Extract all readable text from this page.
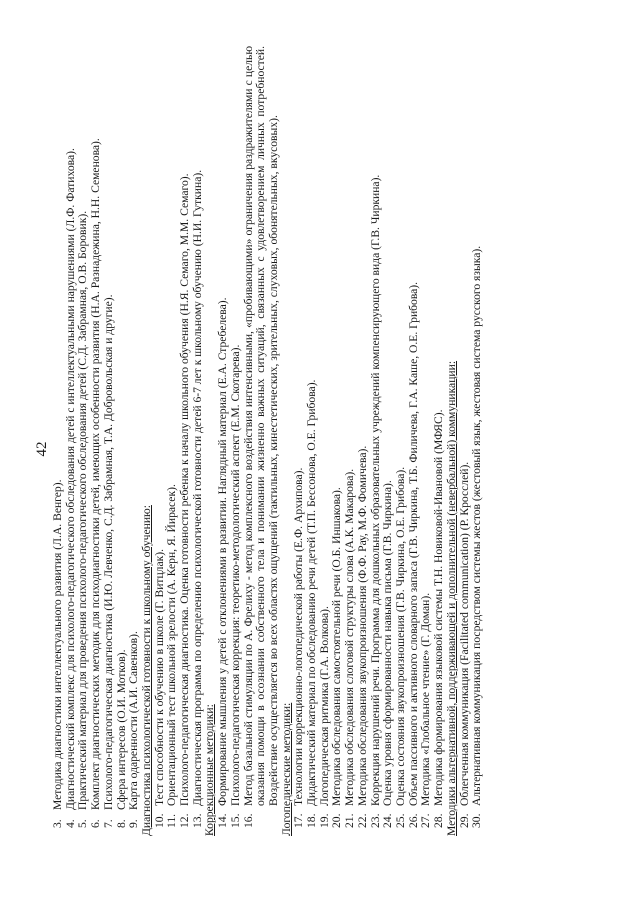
42
3.
Методика диагностики интеллектуального развития (Л.А. Венгер).
4.
Диагностический комплекс для психолого-педагогического обследования детей с интеллектуальными нарушениями (Л.Ф. Фатихова).
5.
Практический материал для проведения психолого-педагогического обследования детей (С.Д. Забрамная, О.В. Боровик).
6.
Комплект диагностических методик для психодиагностики детей, имеющих особенности развития (Н.А. Разнадежина, Н.Н. Семенова).
7.
Психолого-педагогическая диагностика (И.Ю. Левченко, С.Д. Забрамная, Т.А. Добровольская и другие).
8.
Сфера интересов (О.И. Мотков).
9.
Карта одаренности (А.И. Савенков). Диагностика психологической готовности к школьному обучению: 10.
Тест способности к обучению в школе (Г. Витцлак).
11.
Ориентационный тест школьной зрелости (А. Керн, Я. Йирасек).
12.
Психолого-педагогическая диагностика. Оценка готовности ребенка к началу школьного обучения (Н.Я. Семаго, М.М. Семаго).
13.
Диагностическая программа по определению психологической готовности детей 6-7 лет к школьному обучению (Н.И. Гуткина). Коррекционные методики: 14.
Формирование мышления у детей с отклонениями в развитии. Наглядный материал (Е.А. Стребелева).
15.
Психолого-педагогическая коррекция: теоретико-методологический аспект (Е.М. Скотарева).
16.
Метод базальной стимуляции по А. Фрелиху - метод комплексного воздействия интенсивными, «пробивающими» ограничения раздражителями с целью оказания помощи в осознании собственного тела и понимании жизненно важных ситуаций, связанных с удовлетворением личных потребностей. Воздействие осуществляется во всех областях ощущений (тактильных, кинестетических, зрительных, слуховых, обонятельных, вкусовых). Логопедические методики: 17.
Технологии коррекционно-логопедической работы (Е.Ф. Архипова).
18.
Дидактический материал по обследованию речи детей (Т.П. Бессонова, О.Е. Грибова).
19.
Логопедическая ритмика (Г.А. Волкова).
20.
Методика обследования самостоятельной речи (О.Б. Иншакова).
21.
Методика обследования слоговой структуры слова (А.К. Макарова).
22.
Методика обследования звукопроизношения (Ф.Ф. Рау, М.Ф. Фомичева).
23.
Коррекция нарушений речи. Программа для дошкольных образовательных учреждений компенсирующего вида (Г.В. Чиркина).
24.
Оценка уровня сформированности навыка письма (Г.В. Чиркина).
25.
Оценка состояния звукопроизношения (Г.В. Чиркина, О.Е. Грибова).
26.
Объем пассивного и активного словарного запаса (Г.В. Чиркина, Т.Б. Филичева, Г.А. Каше, О.Е. Грибова).
27.
Методика «Глобальное чтение» (Г. Доман).
28.
Методика формирования языковой системы Т.Н. Новиковой-Ивановой (МФЯС). Методики альтернативной, поддерживающей и дополнительной (невербальной) коммуникации: 29.
Облегченная коммуникация (Facilitated communication) (Р. Кросслей).
30.
Альтернативная коммуникация посредством системы жестов (жестовый язык, жестовая система русского языка).
